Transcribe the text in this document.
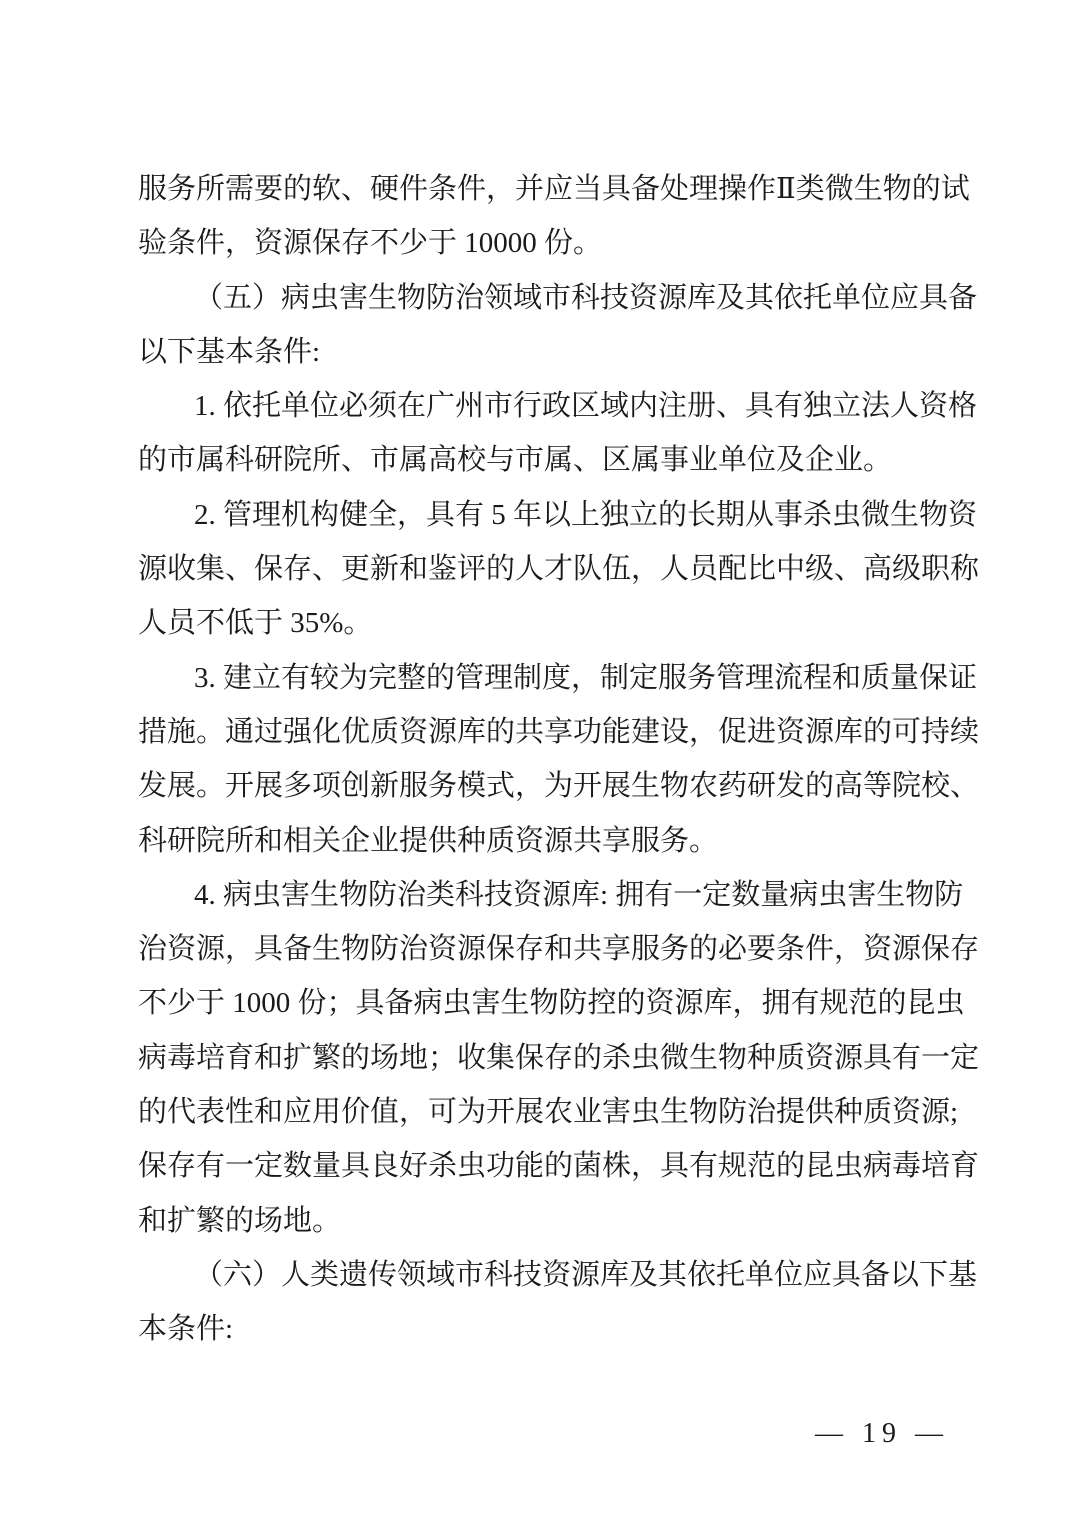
服务所需要的软、硬件条件，并应当具备处理操作Ⅱ类微生物的试
验条件，资源保存不少于 10000 份。
（五）病虫害生物防治领域市科技资源库及其依托单位应具备
以下基本条件:
1. 依托单位必须在广州市行政区域内注册、具有独立法人资格
的市属科研院所、市属高校与市属、区属事业单位及企业。
2. 管理机构健全，具有 5 年以上独立的长期从事杀虫微生物资
源收集、保存、更新和鉴评的人才队伍，人员配比中级、高级职称
人员不低于 35%。
3. 建立有较为完整的管理制度，制定服务管理流程和质量保证
措施。通过强化优质资源库的共享功能建设，促进资源库的可持续
发展。开展多项创新服务模式，为开展生物农药研发的高等院校、
科研院所和相关企业提供种质资源共享服务。
4. 病虫害生物防治类科技资源库: 拥有一定数量病虫害生物防
治资源，具备生物防治资源保存和共享服务的必要条件，资源保存
不少于 1000 份；具备病虫害生物防控的资源库，拥有规范的昆虫
病毒培育和扩繁的场地；收集保存的杀虫微生物种质资源具有一定
的代表性和应用价值，可为开展农业害虫生物防治提供种质资源;
保存有一定数量具良好杀虫功能的菌株，具有规范的昆虫病毒培育
和扩繁的场地。
（六）人类遗传领域市科技资源库及其依托单位应具备以下基
本条件:
— 19 —
